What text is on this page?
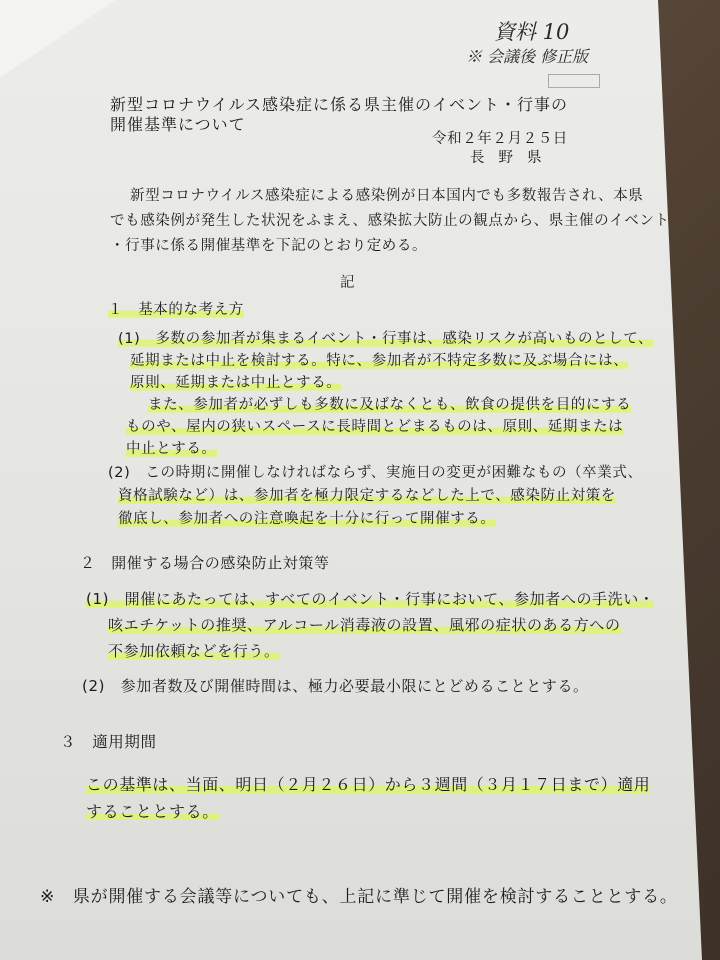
資料 10
※ 会議後 修正版
新型コロナウイルス感染症に係る県主催のイベント・行事の
開催基準について
令和２年２月２５日
長野県
新型コロナウイルス感染症による感染例が日本国内でも多数報告され、本県
でも感染例が発生した状況をふまえ、感染拡大防止の観点から、県主催のイベント
・行事に係る開催基準を下記のとおり定める。
記
１　基本的な考え方
(1)　多数の参加者が集まるイベント・行事は、感染リスクが高いものとして、
延期または中止を検討する。特に、参加者が不特定多数に及ぶ場合には、
原則、延期または中止とする。
また、参加者が必ずしも多数に及ばなくとも、飲食の提供を目的にする
ものや、屋内の狭いスペースに長時間とどまるものは、原則、延期または
中止とする。
(2)　この時期に開催しなければならず、実施日の変更が困難なもの（卒業式、
資格試験など）は、参加者を極力限定するなどした上で、感染防止対策を
徹底し、参加者への注意喚起を十分に行って開催する。
２　開催する場合の感染防止対策等
(1)　開催にあたっては、すべてのイベント・行事において、参加者への手洗い・
咳エチケットの推奨、アルコール消毒液の設置、風邪の症状のある方への
不参加依頼などを行う。
(2)　参加者数及び開催時間は、極力必要最小限にとどめることとする。
３　適用期間
この基準は、当面、明日（２月２６日）から３週間（３月１７日まで）適用
することとする。
※　県が開催する会議等についても、上記に準じて開催を検討することとする。
